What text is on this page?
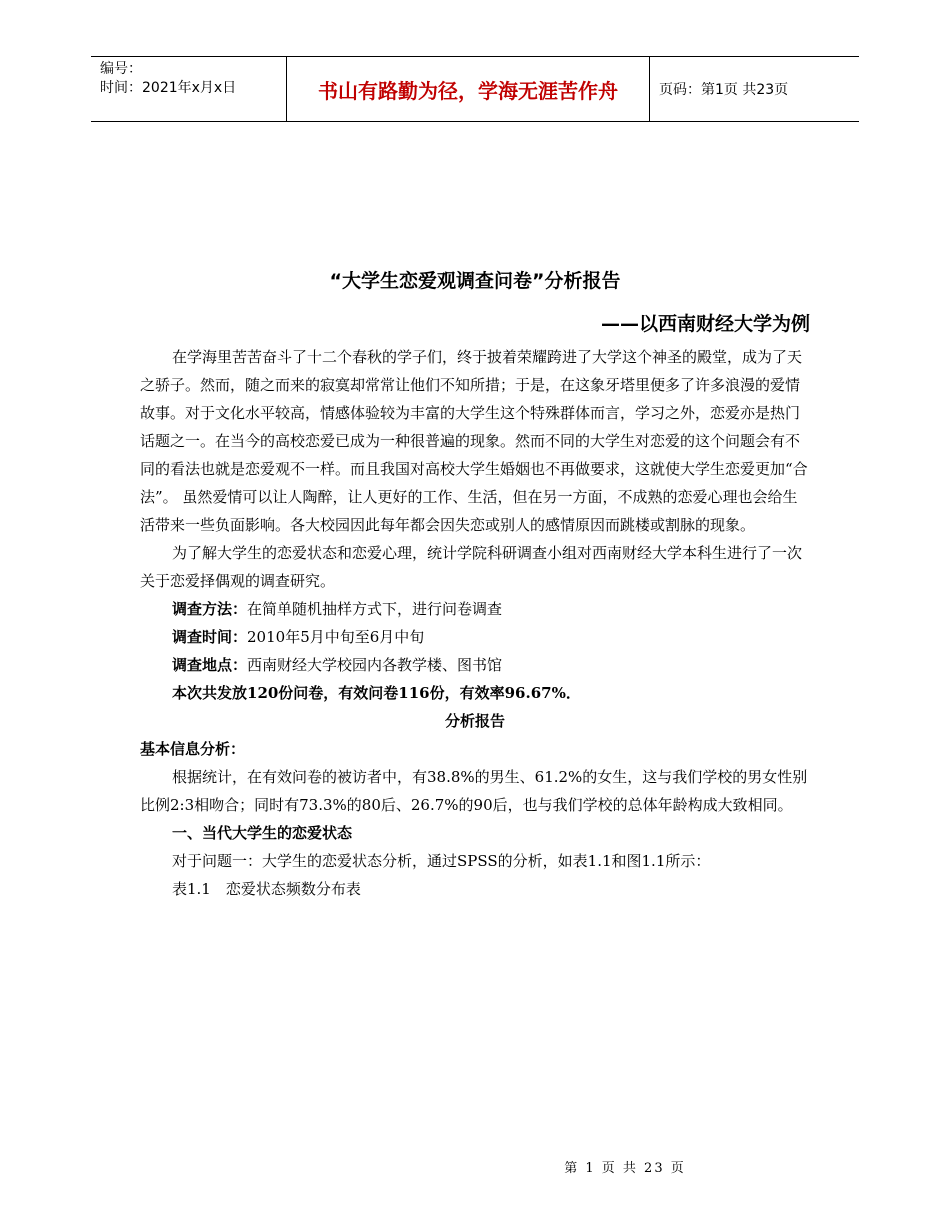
编号：
时间：2021年x月x日	书山有路勤为径，学海无涯苦作舟	页码：第1页 共23页
“大学生恋爱观调查问卷”分析报告
——以西南财经大学为例

在学海里苦苦奋斗了十二个春秋的学子们，终于披着荣耀跨进了大学这个神圣的殿堂，成为了天之骄子。然而，随之而来的寂寞却常常让他们不知所措；于是，在这象牙塔里便多了许多浪漫的爱情故事。对于文化水平较高，情感体验较为丰富的大学生这个特殊群体而言，学习之外，恋爱亦是热门话题之一。在当今的高校恋爱已成为一种很普遍的现象。然而不同的大学生对恋爱的这个问题会有不同的看法也就是恋爱观不一样。而且我国对高校大学生婚姻也不再做要求，这就使大学生恋爱更加“合法”。 虽然爱情可以让人陶醉，让人更好的工作、生活，但在另一方面，不成熟的恋爱心理也会给生活带来一些负面影响。各大校园因此每年都会因失恋或别人的感情原因而跳楼或割脉的现象。

为了解大学生的恋爱状态和恋爱心理，统计学院科研调查小组对西南财经大学本科生进行了一次关于恋爱择偶观的调查研究。

调查方法：在简单随机抽样方式下，进行问卷调查

调查时间：2010年5月中旬至6月中旬

调查地点：西南财经大学校园内各教学楼、图书馆

本次共发放120份问卷，有效问卷116份，有效率96.67%．

分析报告

基本信息分析：

根据统计，在有效问卷的被访者中，有38.8%的男生、61.2%的女生，这与我们学校的男女性别比例2:3相吻合；同时有73.3%的80后、26.7%的90后，也与我们学校的总体年龄构成大致相同。

一、当代大学生的恋爱状态

对于问题一：大学生的恋爱状态分析，通过SPSS的分析，如表1.1和图1.1所示：

表1.1　恋爱状态频数分布表

第 1 页 共 23 页
